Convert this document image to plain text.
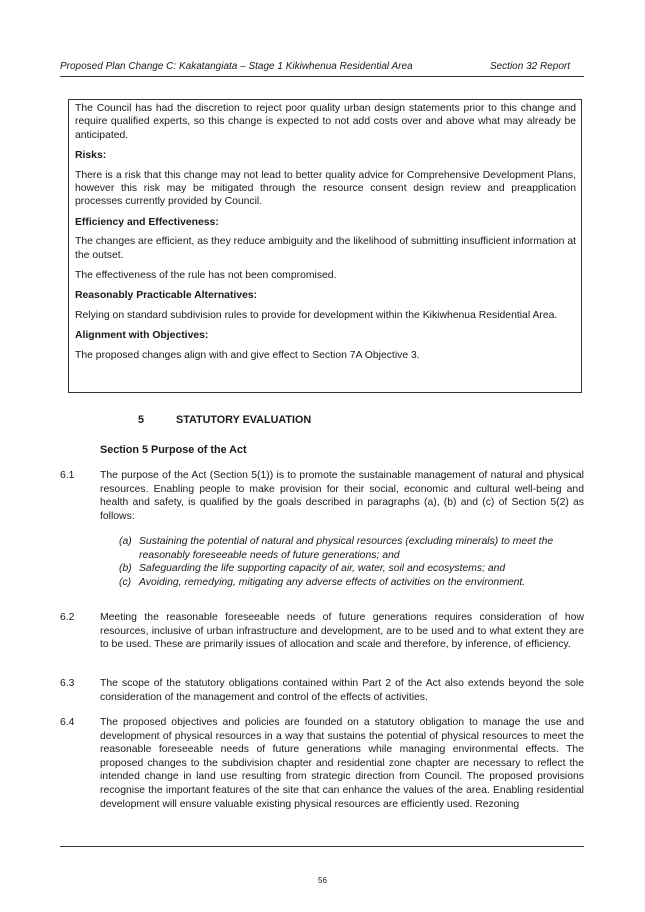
Proposed Plan Change C: Kakatangiata – Stage 1 Kikiwhenua Residential Area	Section 32 Report

The Council has had the discretion to reject poor quality urban design statements prior to this change and require qualified experts, so this change is expected to not add costs over and above what may already be anticipated.

Risks:

There is a risk that this change may not lead to better quality advice for Comprehensive Development Plans, however this risk may be mitigated through the resource consent design review and preapplication processes currently provided by Council.

Efficiency and Effectiveness:

The changes are efficient, as they reduce ambiguity and the likelihood of submitting insufficient information at the outset.

The effectiveness of the rule has not been compromised.

Reasonably Practicable Alternatives:

Relying on standard subdivision rules to provide for development within the Kikiwhenua Residential Area.

Alignment with Objectives:

The proposed changes align with and give effect to Section 7A Objective 3.

5	STATUTORY EVALUATION
Section 5 Purpose of the Act
6.1 The purpose of the Act (Section 5(1)) is to promote the sustainable management of natural and physical resources. Enabling people to make provision for their social, economic and cultural well-being and health and safety, is qualified by the goals described in paragraphs (a), (b) and (c) of Section 5(2) as follows:
(a) Sustaining the potential of natural and physical resources (excluding minerals) to meet the reasonably foreseeable needs of future generations; and
(b) Safeguarding the life supporting capacity of air, water, soil and ecosystems; and
(c) Avoiding, remedying, mitigating any adverse effects of activities on the environment.
6.2 Meeting the reasonable foreseeable needs of future generations requires consideration of how resources, inclusive of urban infrastructure and development, are to be used and to what extent they are to be used. These are primarily issues of allocation and scale and therefore, by inference, of efficiency.
6.3 The scope of the statutory obligations contained within Part 2 of the Act also extends beyond the sole consideration of the management and control of the effects of activities.
6.4 The proposed objectives and policies are founded on a statutory obligation to manage the use and development of physical resources in a way that sustains the potential of physical resources to meet the reasonable foreseeable needs of future generations while managing environmental effects. The proposed changes to the subdivision chapter and residential zone chapter are necessary to reflect the intended change in land use resulting from strategic direction from Council. The proposed provisions recognise the important features of the site that can enhance the values of the area. Enabling residential development will ensure valuable existing physical resources are efficiently used. Rezoning
56
